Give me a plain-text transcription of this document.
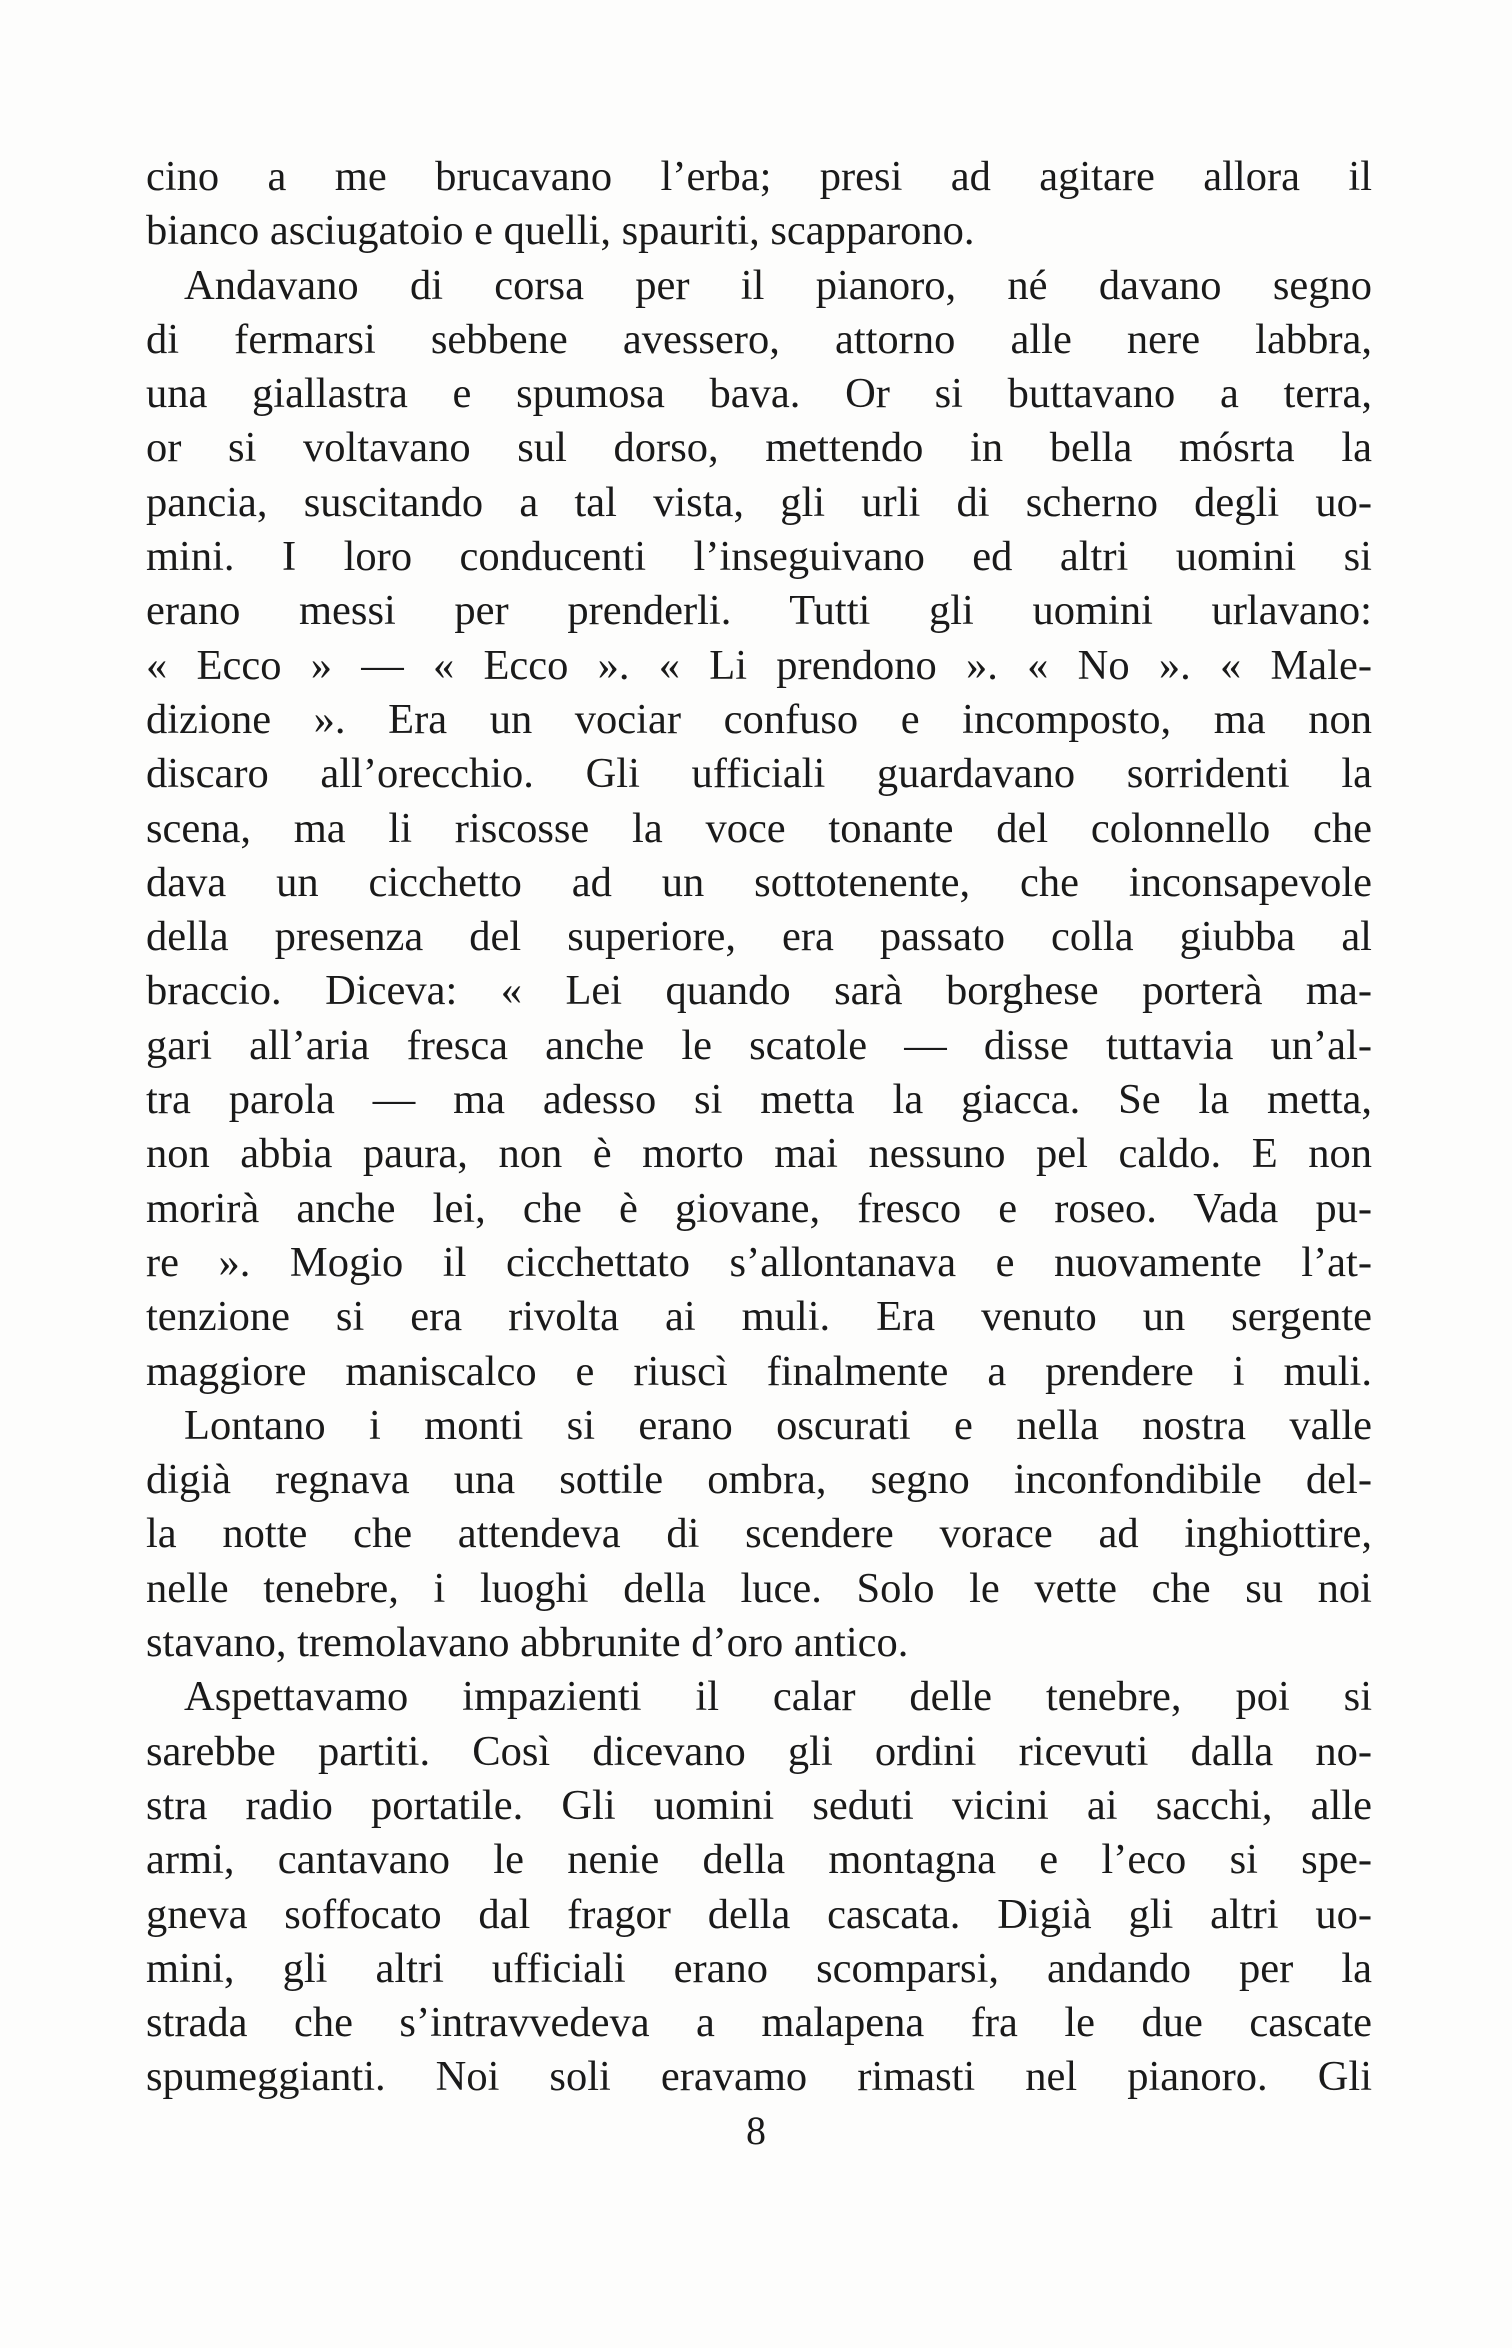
cino a me brucavano l’erba; presi ad agitare allora il
bianco asciugatoio e quelli, spauriti, scapparono.
Andavano di corsa per il pianoro, né davano segno
di fermarsi sebbene avessero, attorno alle nere labbra,
una giallastra e spumosa bava. Or si buttavano a terra,
or si voltavano sul dorso, mettendo in bella mósrta la
pancia, suscitando a tal vista, gli urli di scherno degli uo-
mini. I loro conducenti l’inseguivano ed altri uomini si
erano messi per prenderli. Tutti gli uomini urlavano:
« Ecco » — « Ecco ». « Li prendono ». « No ». « Male-
dizione ». Era un vociar confuso e incomposto, ma non
discaro all’orecchio. Gli ufficiali guardavano sorridenti la
scena, ma li riscosse la voce tonante del colonnello che
dava un cicchetto ad un sottotenente, che inconsapevole
della presenza del superiore, era passato colla giubba al
braccio. Diceva: « Lei quando sarà borghese porterà ma-
gari all’aria fresca anche le scatole — disse tuttavia un’al-
tra parola — ma adesso si metta la giacca. Se la metta,
non abbia paura, non è morto mai nessuno pel caldo. E non
morirà anche lei, che è giovane, fresco e roseo. Vada pu-
re ». Mogio il cicchettato s’allontanava e nuovamente l’at-
tenzione si era rivolta ai muli. Era venuto un sergente
maggiore maniscalco e riuscì finalmente a prendere i muli.
Lontano i monti si erano oscurati e nella nostra valle
digià regnava una sottile ombra, segno inconfondibile del-
la notte che attendeva di scendere vorace ad inghiottire,
nelle tenebre, i luoghi della luce. Solo le vette che su noi
stavano, tremolavano abbrunite d’oro antico.
Aspettavamo impazienti il calar delle tenebre, poi si
sarebbe partiti. Così dicevano gli ordini ricevuti dalla no-
stra radio portatile. Gli uomini seduti vicini ai sacchi, alle
armi, cantavano le nenie della montagna e l’eco si spe-
gneva soffocato dal fragor della cascata. Digià gli altri uo-
mini, gli altri ufficiali erano scomparsi, andando per la
strada che s’intravvedeva a malapena fra le due cascate
spumeggianti. Noi soli eravamo rimasti nel pianoro. Gli
8
